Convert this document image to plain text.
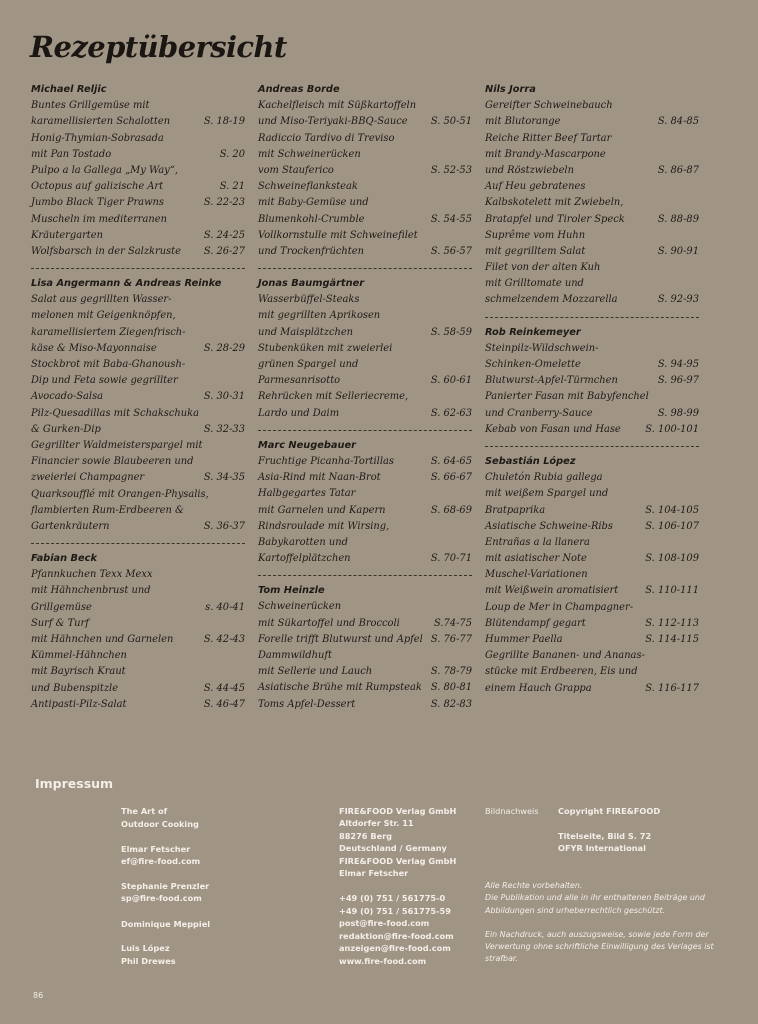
Rezeptübersicht
Michael Reljic
Buntes Grillgemüse mit
karamellisierten Schalotten	S. 18-19
Honig-Thymian-Sobrasada
mit Pan Tostado	S. 20
Pulpo a la Gallega „My Way“,
Octopus auf galizische Art	S. 21
Jumbo Black Tiger Prawns	S. 22-23
Muscheln im mediterranen
Kräutergarten	S. 24-25
Wolfsbarsch in der Salzkruste	S. 26-27
Lisa Angermann & Andreas Reinke
Salat aus gegrillten Wasser-
melonen mit Geigenknöpfen,
karamellisiertem Ziegenfrisch-
käse & Miso-Mayonnaise	S. 28-29
Stockbrot mit Baba-Ghanoush-
Dip und Feta sowie gegrillter
Avocado-Salsa	S. 30-31
Pilz-Quesadillas mit Schakschuka
& Gurken-Dip	S. 32-33
Gegrillter Waldmeisterspargel mit
Financier sowie Blaubeeren und
zweierlei Champagner	S. 34-35
Quarksoufflé mit Orangen-Physalis,
flambierten Rum-Erdbeeren &
Gartenkräutern	S. 36-37
Fabian Beck
Pfannkuchen Texx Mexx
mit Hähnchenbrust und
Grillgemüse	s. 40-41
Surf & Turf
mit Hähnchen und Garnelen	S. 42-43
Kümmel-Hähnchen
mit Bayrisch Kraut
und Bubenspitzle	S. 44-45
Antipasti-Pilz-Salat	S. 46-47
Andreas Borde
Kachelfleisch mit Süßkartoffeln
und Miso-Teriyaki-BBQ-Sauce	S. 50-51
Radiccio Tardivo di Treviso
mit Schweinerücken
vom Stauferico	S. 52-53
Schweineflanksteak
mit Baby-Gemüse und
Blumenkohl-Crumble	S. 54-55
Vollkornstulle mit Schweinefilet
und Trockenfrüchten	S. 56-57
Jonas Baumgärtner
Wasserbüffel-Steaks
mit gegrillten Aprikosen
und Maisplätzchen	S. 58-59
Stubenküken mit zweierlei
grünen Spargel und
Parmesanrisotto	S. 60-61
Rehrücken mit Selleriecreme,
Lardo und Daim	S. 62-63
Marc Neugebauer
Fruchtige Picanha-Tortillas	S. 64-65
Asia-Rind mit Naan-Brot	S. 66-67
Halbgegartes Tatar
mit Garnelen und Kapern	S. 68-69
Rindsroulade mit Wirsing,
Babykarotten und
Kartoffelplätzchen	S. 70-71
Tom Heinzle
Schweinerücken
mit Sükartoffel und Broccoli	S.74-75
Forelle trifft Blutwurst und Apfel S. 76-77
Dammwildhuft
mit Sellerie und Lauch	S. 78-79
Asiatische Brühe mit Rumpsteak S. 80-81
Toms Apfel-Dessert	S. 82-83
Nils Jorra
Gereifter Schweinebauch
mit Blutorange	S. 84-85
Reiche Ritter Beef Tartar
mit Brandy-Mascarpone
und Röstzwiebeln	S. 86-87
Auf Heu gebratenes
Kalbskotelett mit Zwiebeln,
Bratapfel und Tiroler Speck	S. 88-89
Suprême vom Huhn
mit gegrilltem Salat	S. 90-91
Filet von der alten Kuh
mit Grilltomate und
schmelzendem Mozzarella	S. 92-93
Rob Reinkemeyer
Steinpilz-Wildschwein-
Schinken-Omelette	S. 94-95
Blutwurst-Apfel-Türmchen	S. 96-97
Panierter Fasan mit Babyfenchel
und Cranberry-Sauce	S. 98-99
Kebab von Fasan und Hase	S. 100-101
Sebastián López
Chuletón Rubia gallega
mit weißem Spargel und
Bratpaprika	S. 104-105
Asiatische Schweine-Ribs	S. 106-107
Entrañas a la llanera
mit asiatischer Note	S. 108-109
Muschel-Variationen
mit Weißwein aromatisiert	S. 110-111
Loup de Mer in Champagner-
Blütendampf gegart	S. 112-113
Hummer Paella	S. 114-115
Gegrillte Bananen- und Ananas-
stücke mit Erdbeeren, Eis und
einem Hauch Grappa	S. 116-117
Impressum
The Art of
Outdoor Cooking
Elmar Fetscher
ef@fire-food.com
Stephanie Prenzler
sp@fire-food.com
Dominique Meppiel
Luis López
Phil Drewes
FIRE&FOOD Verlag GmbH
Altdorfer Str. 11
88276 Berg
Deutschland / Germany
FIRE&FOOD Verlag GmbH
Elmar Fetscher
+49 (0) 751 / 561775-0
+49 (0) 751 / 561775-59
post@fire-food.com
redaktion@fire-food.com
anzeigen@fire-food.com
www.fire-food.com
Bildnachweis Copyright FIRE&FOOD
Titelseite, Bild S. 72
OFYR International

Alle Rechte vorbehalten.
Die Publikation und alle in ihr enthaltenen Beiträge und Abbildungen sind urheberrechtlich geschützt.

Ein Nachdruck, auch auszugsweise, sowie jede Form der Verwertung ohne schriftliche Einwilligung des Verlages ist strafbar.

86
